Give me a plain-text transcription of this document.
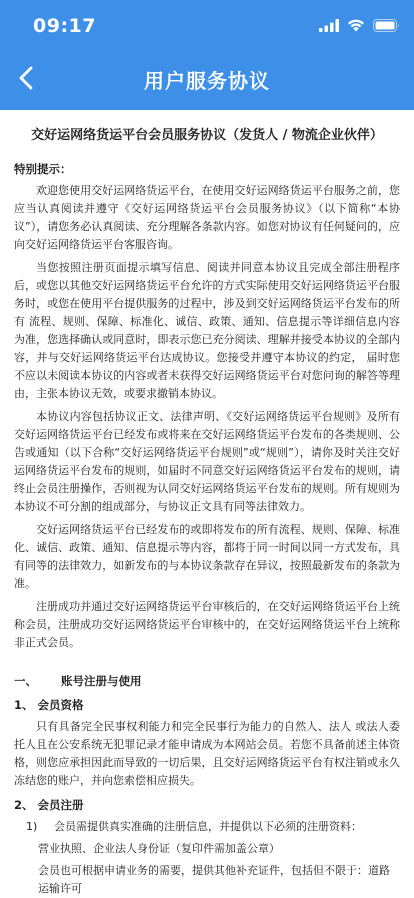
09:17
用户服务协议
交好运网络货运平台会员服务协议（发货人 / 物流企业伙伴）
特别提示：

欢迎您使用交好运网络货运平台，在使用交好运网络货运平台服务之前，您应当认真阅读并遵守《交好运网络货运平台会员服务协议》（以下简称“本协议”），请您务必认真阅读、充分理解各条款内容。如您对协议有任何疑问的，应向交好运网络货运平台客服咨询。

当您按照注册页面提示填写信息、阅读并同意本协议且完成全部注册程序后，或您以其他交好运网络货运平台允许的方式实际使用交好运网络货运平台服务时，或您在使用平台提供服务的过程中，涉及到交好运网络货运平台发布的所有 流程、规则、保障、标准化、诚信、政策、通知、信息提示等详细信息内容为准，您选择确认或同意时，即表示您已充分阅读、理解并接受本协议的全部内容，并与交好运网络货运平台达成协议。您接受并遵守本协议的约定， 届时您不应以未阅读本协议的内容或者未获得交好运网络货运平台对您问询的解答等理由，主张本协议无效，或要求撤销本协议。

本协议内容包括协议正文、法律声明、《交好运网络货运平台规则》及所有交好运网络货运平台已经发布或将来在交好运网络货运平台发布的各类规则、公告或通知（以下合称“交好运网络货运平台规则”或“规则”），请你及时关注交好运网络货运平台发布的规则，如届时不同意交好运网络货运平台发布的规则，请终止会员注册操作，否则视为认同交好运网络货运平台发布的规则。所有规则为本协议不可分割的组成部分，与协议正文具有同等法律效力。

交好运网络货运平台已经发布的或即将发布的所有流程、规则、保障、标准化、诚信、政策、通知、信息提示等内容，都将于同一时间以同一方式发布，具有同等的法律效力，如新发布的与本协议条款存在异议，按照最新发布的条款为准。

注册成功并通过交好运网络货运平台审核后的，在交好运网络货运平台上统称会员，注册成功交好运网络货运平台审核中的，在交好运网络货运平台上统称 非正式会员。

一、      账号注册与使用
1、 会员资格

只有具备完全民事权利能力和完全民事行为能力的自然人、法人 或法人委托人且在公安系统无犯罪记录才能申请成为本网站会员。若您不具备前述主体资格，则您应承担因此而导致的一切后果，且交好运网络货运平台有权注销或永久冻结您的账户，并向您索偿相应损失。

2、 会员注册
1) 会员需提供真实准确的注册信息，并提供以下必须的注册资料：
营业执照、企业法人身份证（复印件需加盖公章）
会员也可根据申请业务的需要，提供其他补充证件，包括但不限于：道路运输许可
